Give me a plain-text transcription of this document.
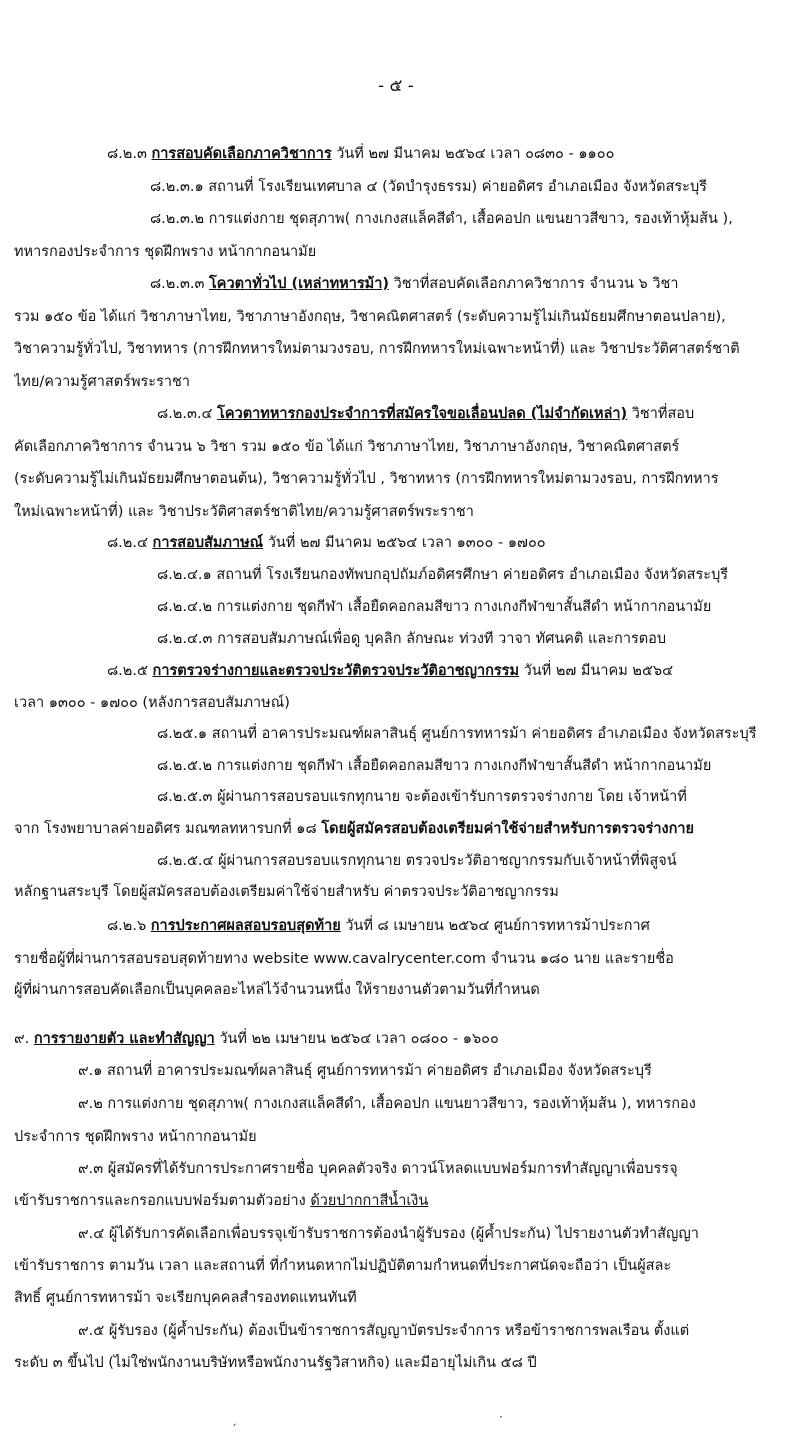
- ๕ -
๘.๒.๓ การสอบคัดเลือกภาควิชาการ วันที่ ๒๗ มีนาคม ๒๕๖๔ เวลา ๐๘๓๐ - ๑๑๐๐
๘.๒.๓.๑ สถานที่ โรงเรียนเทศบาล ๔ (วัดบำรุงธรรม) ค่ายอดิศร อำเภอเมือง จังหวัดสระบุรี
๘.๒.๓.๒ การแต่งกาย ชุดสุภาพ( กางเกงสแล็คสีดำ, เสื้อคอปก แขนยาวสีขาว, รองเท้าหุ้มส้น ),
ทหารกองประจำการ ชุดฝึกพราง หน้ากากอนามัย
๘.๒.๓.๓ โควตาทั่วไป (เหล่าทหารม้า) วิชาที่สอบคัดเลือกภาควิชาการ จำนวน ๖ วิชา
รวม ๑๕๐ ข้อ ได้แก่ วิชาภาษาไทย, วิชาภาษาอังกฤษ, วิชาคณิตศาสตร์ (ระดับความรู้ไม่เกินมัธยมศึกษาตอนปลาย),
วิชาความรู้ทั่วไป, วิชาทหาร (การฝึกทหารใหม่ตามวงรอบ, การฝึกทหารใหม่เฉพาะหน้าที่) และ วิชาประวัติศาสตร์ชาติ
ไทย/ความรู้ศาสตร์พระราชา
๘.๒.๓.๔ โควตาทหารกองประจำการที่สมัครใจขอเลื่อนปลด (ไม่จำกัดเหล่า) วิชาที่สอบ
คัดเลือกภาควิชาการ จำนวน ๖ วิชา รวม ๑๕๐ ข้อ ได้แก่ วิชาภาษาไทย, วิชาภาษาอังกฤษ, วิชาคณิตศาสตร์
(ระดับความรู้ไม่เกินมัธยมศึกษาตอนต้น), วิชาความรู้ทั่วไป , วิชาทหาร (การฝึกทหารใหม่ตามวงรอบ, การฝึกทหาร
ใหม่เฉพาะหน้าที่) และ วิชาประวัติศาสตร์ชาติไทย/ความรู้ศาสตร์พระราชา
๘.๒.๔ การสอบสัมภาษณ์ วันที่ ๒๗ มีนาคม ๒๕๖๔ เวลา ๑๓๐๐ - ๑๗๐๐
๘.๒.๔.๑ สถานที่ โรงเรียนกองทัพบกอุปถัมภ์อดิศรศึกษา ค่ายอดิศร อำเภอเมือง จังหวัดสระบุรี
๘.๒.๔.๒ การแต่งกาย ชุดกีฬา เสื้อยืดคอกลมสีขาว กางเกงกีฬาขาสั้นสีดำ หน้ากากอนามัย
๘.๒.๔.๓ การสอบสัมภาษณ์เพื่อดู บุคลิก ลักษณะ ท่วงที วาจา ทัศนคติ และการตอบ
๘.๒.๕ การตรวจร่างกายและตรวจประวัติตรวจประวัติอาชญากรรม วันที่ ๒๗ มีนาคม ๒๕๖๔
เวลา ๑๓๐๐ - ๑๗๐๐ (หลังการสอบสัมภาษณ์)
๘.๒๕.๑ สถานที่ อาคารประมณฑ์ผลาสินธุ์ ศูนย์การทหารม้า ค่ายอดิศร อำเภอเมือง จังหวัดสระบุรี
๘.๒.๕.๒ การแต่งกาย ชุดกีฬา เสื้อยืดคอกลมสีขาว กางเกงกีฬาขาสั้นสีดำ หน้ากากอนามัย
๘.๒.๕.๓ ผู้ผ่านการสอบรอบแรกทุกนาย จะต้องเข้ารับการตรวจร่างกาย โดย เจ้าหน้าที่
จาก โรงพยาบาลค่ายอดิศร มณฑลทหารบกที่ ๑๘ โดยผู้สมัครสอบต้องเตรียมค่าใช้จ่ายสำหรับการตรวจร่างกาย
๘.๒.๕.๔ ผู้ผ่านการสอบรอบแรกทุกนาย ตรวจประวัติอาชญากรรมกับเจ้าหน้าที่พิสูจน์
หลักฐานสระบุรี โดยผู้สมัครสอบต้องเตรียมค่าใช้จ่ายสำหรับ ค่าตรวจประวัติอาชญากรรม
๘.๒.๖ การประกาศผลสอบรอบสุดท้าย วันที่ ๘ เมษายน ๒๕๖๔ ศูนย์การทหารม้าประกาศ
รายชื่อผู้ที่ผ่านการสอบรอบสุดท้ายทาง website www.cavalrycenter.com จำนวน ๑๘๐ นาย และรายชื่อ
ผู้ที่ผ่านการสอบคัดเลือกเป็นบุคคลอะไหล่ไว้จำนวนหนึ่ง ให้รายงานตัวตามวันที่กำหนด
๙. การรายงายตัว และทำสัญญา วันที่ ๒๒ เมษายน ๒๕๖๔ เวลา ๐๘๐๐ - ๑๖๐๐
๙.๑ สถานที่ อาคารประมณฑ์ผลาสินธุ์ ศูนย์การทหารม้า ค่ายอดิศร อำเภอเมือง จังหวัดสระบุรี
๙.๒ การแต่งกาย ชุดสุภาพ( กางเกงสแล็คสีดำ, เสื้อคอปก แขนยาวสีขาว, รองเท้าหุ้มส้น ), ทหารกอง
ประจำการ ชุดฝึกพราง หน้ากากอนามัย
๙.๓ ผู้สมัครที่ได้รับการประกาศรายชื่อ บุคคลตัวจริง ดาวน์โหลดแบบฟอร์มการทำสัญญาเพื่อบรรจุ
เข้ารับราชการและกรอกแบบฟอร์มตามตัวอย่าง ด้วยปากกาสีน้ำเงิน
๙.๔ ผู้ได้รับการคัดเลือกเพื่อบรรจุเข้ารับราชการต้องนำผู้รับรอง (ผู้ค้ำประกัน) ไปรายงานตัวทำสัญญา
เข้ารับราชการ ตามวัน เวลา และสถานที่ ที่กำหนดหากไม่ปฏิบัติตามกำหนดที่ประกาศนัดจะถือว่า เป็นผู้สละ
สิทธิ์ ศูนย์การทหารม้า จะเรียกบุคคลสำรองทดแทนทันที
๙.๕ ผู้รับรอง (ผู้ค้ำประกัน) ต้องเป็นข้าราชการสัญญาบัตรประจำการ หรือข้าราชการพลเรือน ตั้งแต่
ระดับ ๓ ขึ้นไป (ไม่ใช่พนักงานบริษัทหรือพนักงานรัฐวิสาหกิจ) และมีอายุไม่เกิน ๕๘ ปี
ˏ	·
